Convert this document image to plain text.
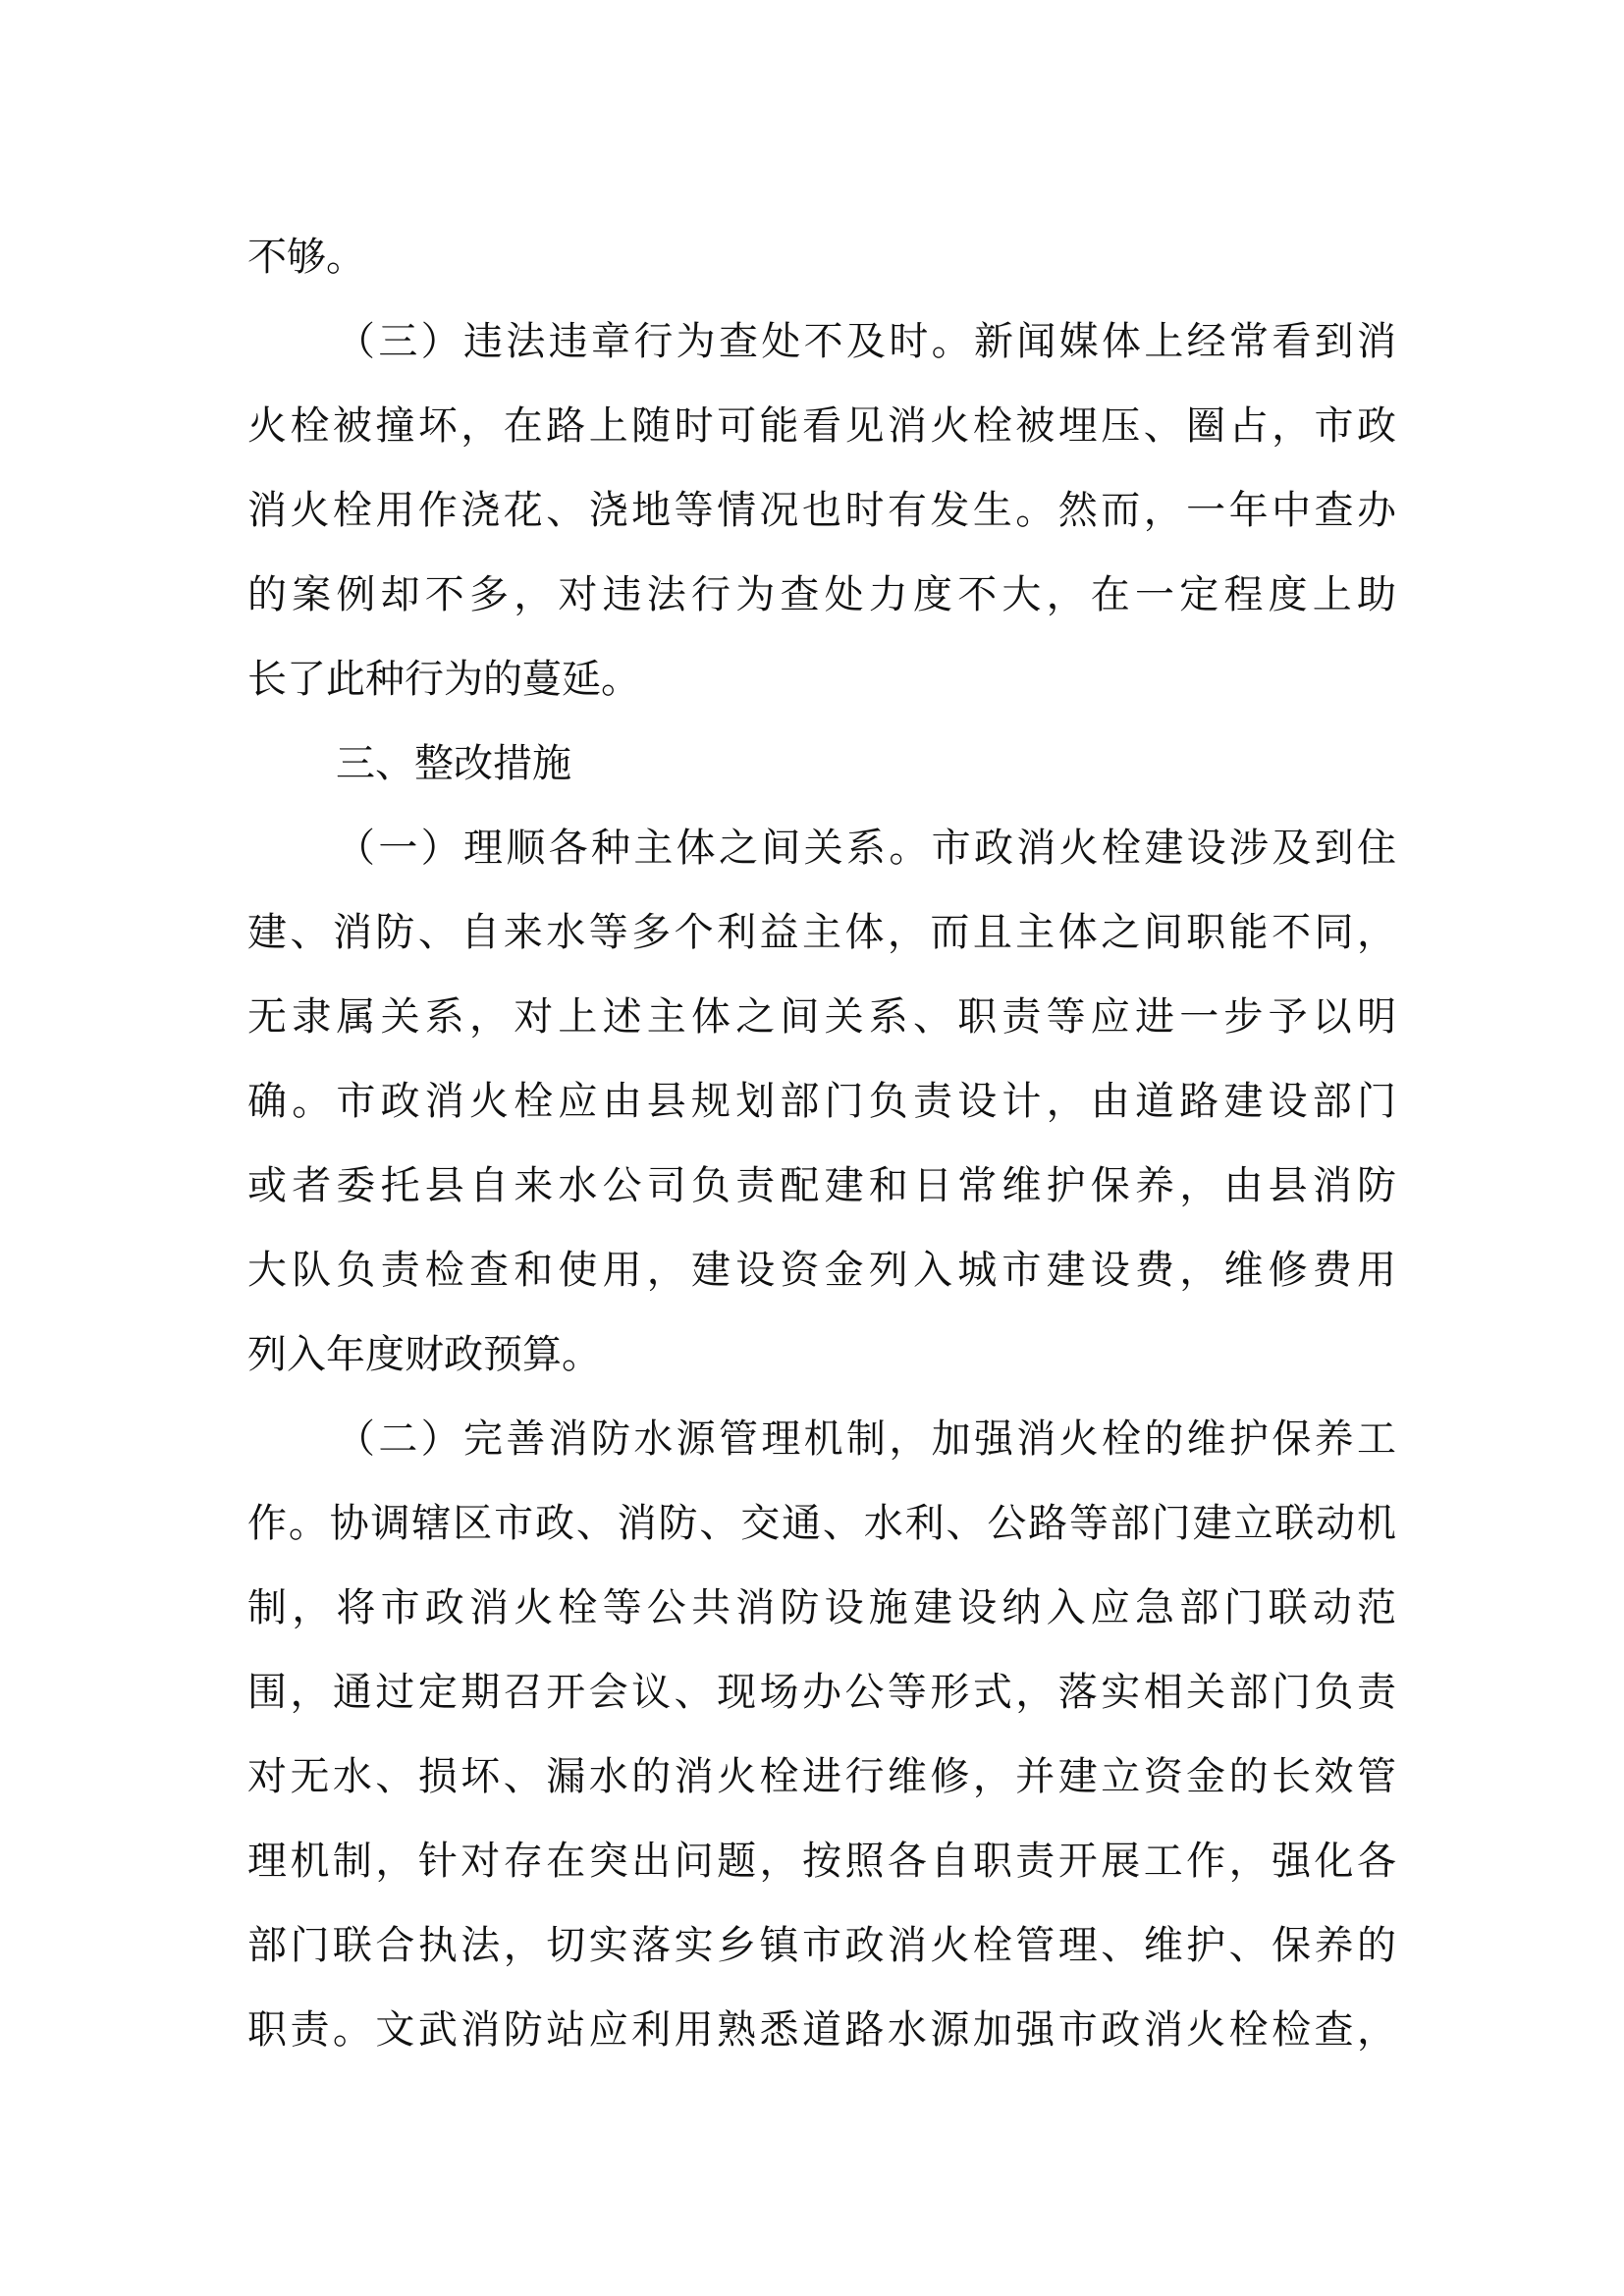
不够。
（三）违法违章行为查处不及时。新闻媒体上经常看到消
火栓被撞坏，在路上随时可能看见消火栓被埋压、圈占，市政
消火栓用作浇花、浇地等情况也时有发生。然而，一年中查办
的案例却不多，对违法行为查处力度不大，在一定程度上助
长了此种行为的蔓延。
三、整改措施
（一）理顺各种主体之间关系。市政消火栓建设涉及到住
建、消防、自来水等多个利益主体，而且主体之间职能不同，
无隶属关系，对上述主体之间关系、职责等应进一步予以明
确。市政消火栓应由县规划部门负责设计，由道路建设部门
或者委托县自来水公司负责配建和日常维护保养，由县消防
大队负责检查和使用，建设资金列入城市建设费，维修费用
列入年度财政预算。
（二）完善消防水源管理机制，加强消火栓的维护保养工
作。协调辖区市政、消防、交通、水利、公路等部门建立联动机
制，将市政消火栓等公共消防设施建设纳入应急部门联动范
围，通过定期召开会议、现场办公等形式，落实相关部门负责
对无水、损坏、漏水的消火栓进行维修，并建立资金的长效管
理机制，针对存在突出问题，按照各自职责开展工作，强化各
部门联合执法，切实落实乡镇市政消火栓管理、维护、保养的
职责。文武消防站应利用熟悉道路水源加强市政消火栓检查，
